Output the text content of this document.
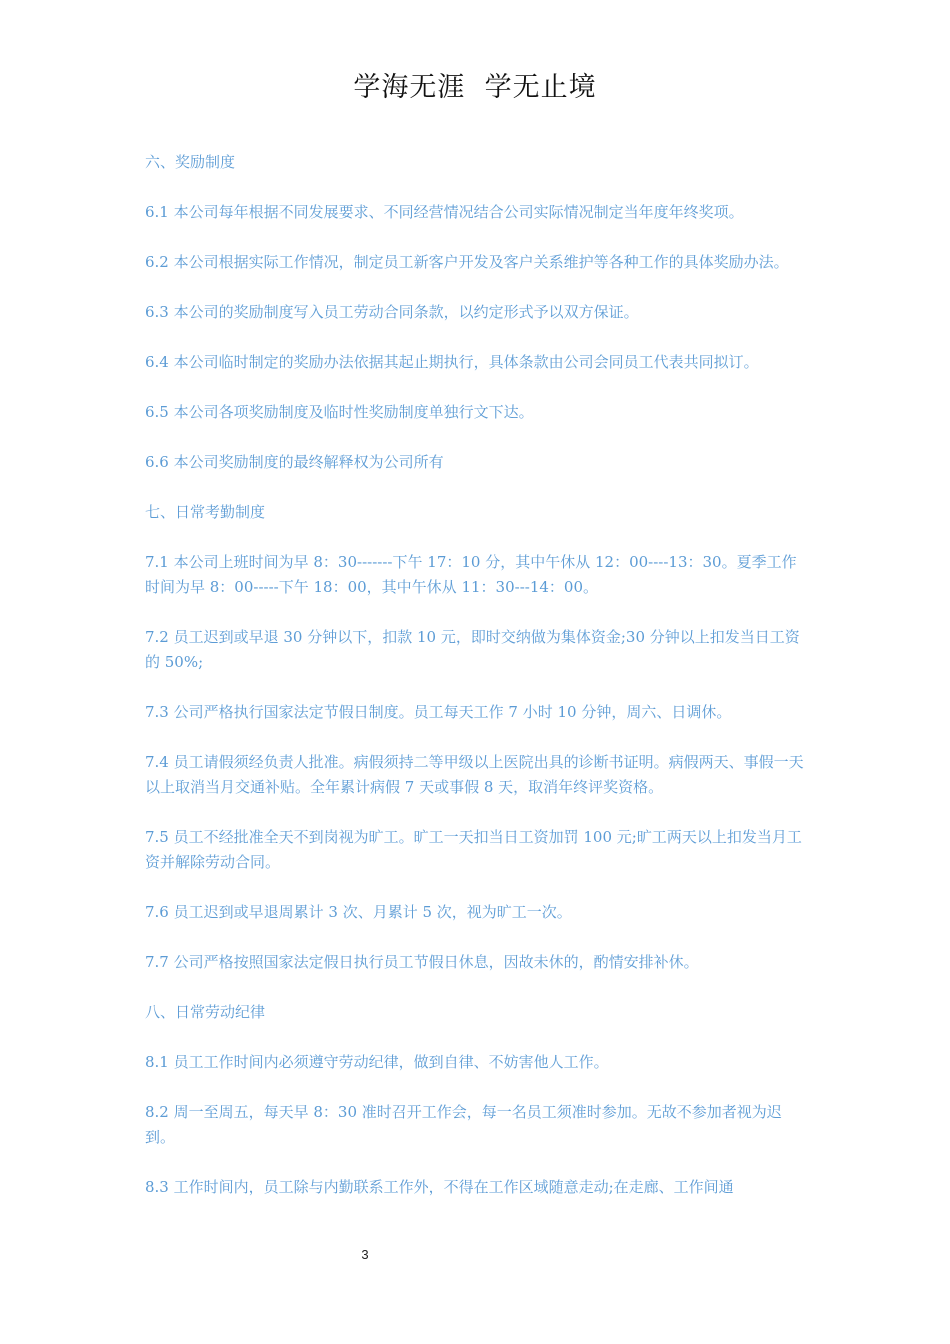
学海无涯  学无止境

六、奖励制度

6.1 本公司每年根据不同发展要求、不同经营情况结合公司实际情况制定当年度年终奖项。

6.2 本公司根据实际工作情况，制定员工新客户开发及客户关系维护等各种工作的具体奖励办法。

6.3 本公司的奖励制度写入员工劳动合同条款，以约定形式予以双方保证。

6.4 本公司临时制定的奖励办法依据其起止期执行，具体条款由公司会同员工代表共同拟订。

6.5 本公司各项奖励制度及临时性奖励制度单独行文下达。

6.6 本公司奖励制度的最终解释权为公司所有

七、日常考勤制度

7.1 本公司上班时间为早 8：30-------下午 17：10 分，其中午休从 12：00----13：30。夏季工作时间为早 8：00-----下午 18：00，其中午休从 11：30---14：00。

7.2 员工迟到或早退 30 分钟以下，扣款 10 元，即时交纳做为集体资金;30 分钟以上扣发当日工资的 50%;

7.3 公司严格执行国家法定节假日制度。员工每天工作 7 小时 10 分钟，周六、日调休。

7.4 员工请假须经负责人批准。病假须持二等甲级以上医院出具的诊断书证明。病假两天、事假一天以上取消当月交通补贴。全年累计病假 7 天或事假 8 天，取消年终评奖资格。

7.5 员工不经批准全天不到岗视为旷工。旷工一天扣当日工资加罚 100 元;旷工两天以上扣发当月工资并解除劳动合同。

7.6 员工迟到或早退周累计 3 次、月累计 5 次，视为旷工一次。

7.7 公司严格按照国家法定假日执行员工节假日休息，因故未休的，酌情安排补休。

八、日常劳动纪律

8.1 员工工作时间内必须遵守劳动纪律，做到自律、不妨害他人工作。

8.2 周一至周五，每天早 8：30 准时召开工作会，每一名员工须准时参加。无故不参加者视为迟到。

8.3 工作时间内，员工除与内勤联系工作外，不得在工作区域随意走动;在走廊、工作间通

3
